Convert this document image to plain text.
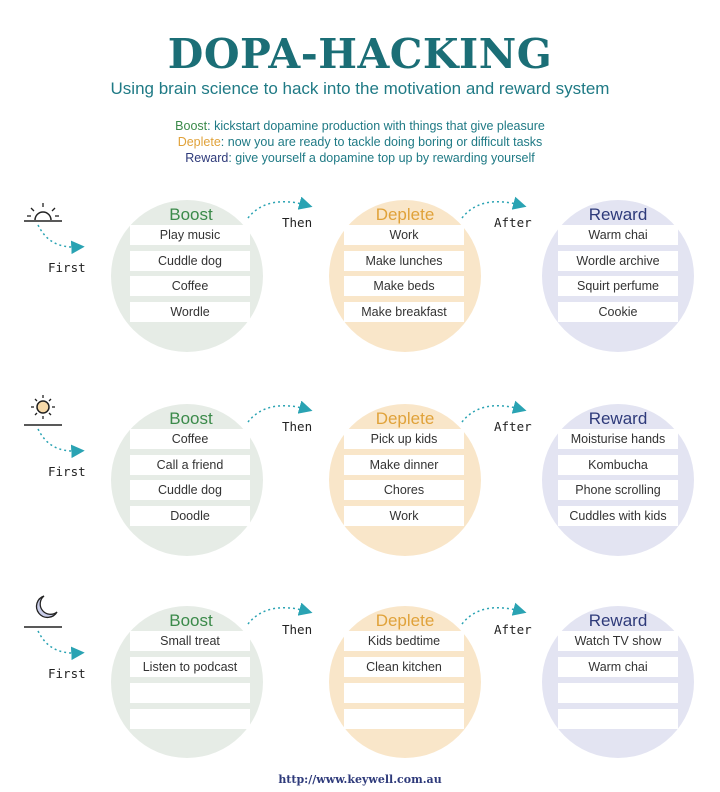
DOPA-HACKING
Using brain science to hack into the motivation and reward system
Boost: kickstart dopamine production with things that give pleasure
Deplete: now you are ready to tackle doing boring or difficult tasks
Reward: give yourself a dopamine top up by rewarding yourself
Boost	Deplete	Reward
Play music
Cuddle dog
Coffee
Wordle
Work
Make lunches
Make beds
Make breakfast
Warm chai
Wordle archive
Squirt perfume
Cookie
First
Then	After
Boost	Deplete	Reward
Coffee
Call a friend
Cuddle dog
Doodle
Pick up kids
Make dinner
Chores
Work
Moisturise hands
Kombucha
Phone scrolling
Cuddles with kids
First
Then	After
Boost	Deplete	Reward
Small treat
Listen to podcast
Kids bedtime
Clean kitchen
Watch TV show
Warm chai
First
Then	After
http://www.keywell.com.au
